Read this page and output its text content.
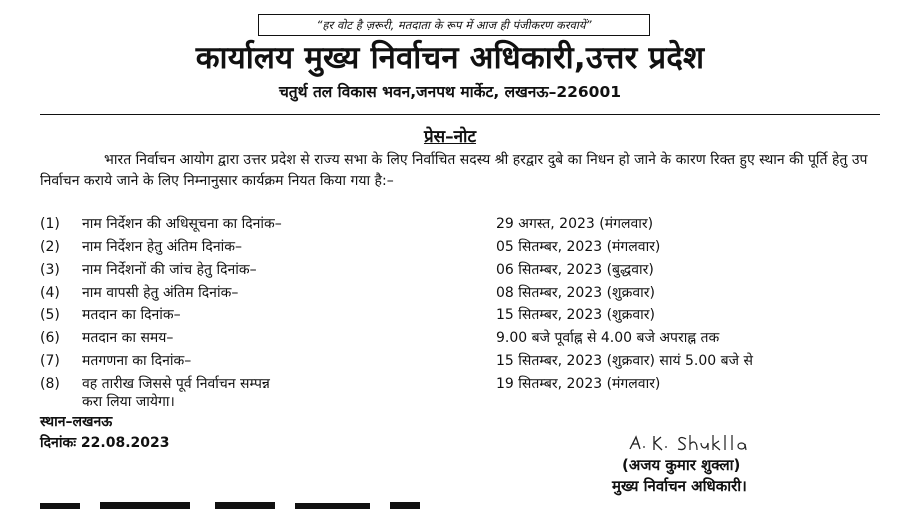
“हर वोट है ज़रूरी, मतदाता के रूप में आज ही पंजीकरण करवायें”
कार्यालय मुख्य निर्वाचन अधिकारी,उत्तर प्रदेश
चतुर्थ तल विकास भवन,जनपथ मार्केट, लखनऊ–226001
प्रेस–नोट
भारत निर्वाचन आयोग द्वारा उत्तर प्रदेश से राज्य सभा के लिए निर्वाचित सदस्य श्री हरद्वार दुबे का निधन हो जाने के कारण रिक्त हुए स्थान की पूर्ति हेतु उप निर्वाचन कराये जाने के लिए निम्नानुसार कार्यक्रम नियत किया गया है:–
(1) नाम निर्देशन की अधिसूचना का दिनांक–	29 अगस्त, 2023 (मंगलवार)
(2) नाम निर्देशन हेतु अंतिम दिनांक–	05 सितम्बर, 2023 (मंगलवार)
(3) नाम निर्देशनों की जांच हेतु दिनांक–	06 सितम्बर, 2023 (बुद्धवार)
(4) नाम वापसी हेतु अंतिम दिनांक–	08 सितम्बर, 2023 (शुक्रवार)
(5) मतदान का दिनांक–	15 सितम्बर, 2023 (शुक्रवार)
(6) मतदान का समय–	9.00 बजे पूर्वाह्न से 4.00 बजे अपराह्न तक
(7) मतगणना का दिनांक–	15 सितम्बर, 2023 (शुक्रवार) सायं 5.00 बजे से
(8) वह तारीख जिससे पूर्व निर्वाचन सम्पन्न
करा लिया जायेगा।
19 सितम्बर, 2023 (मंगलवार)
स्थान–लखनऊ
दिनांकः 22.08.2023
(अजय कुमार शुक्ला)
मुख्य निर्वाचन अधिकारी।
